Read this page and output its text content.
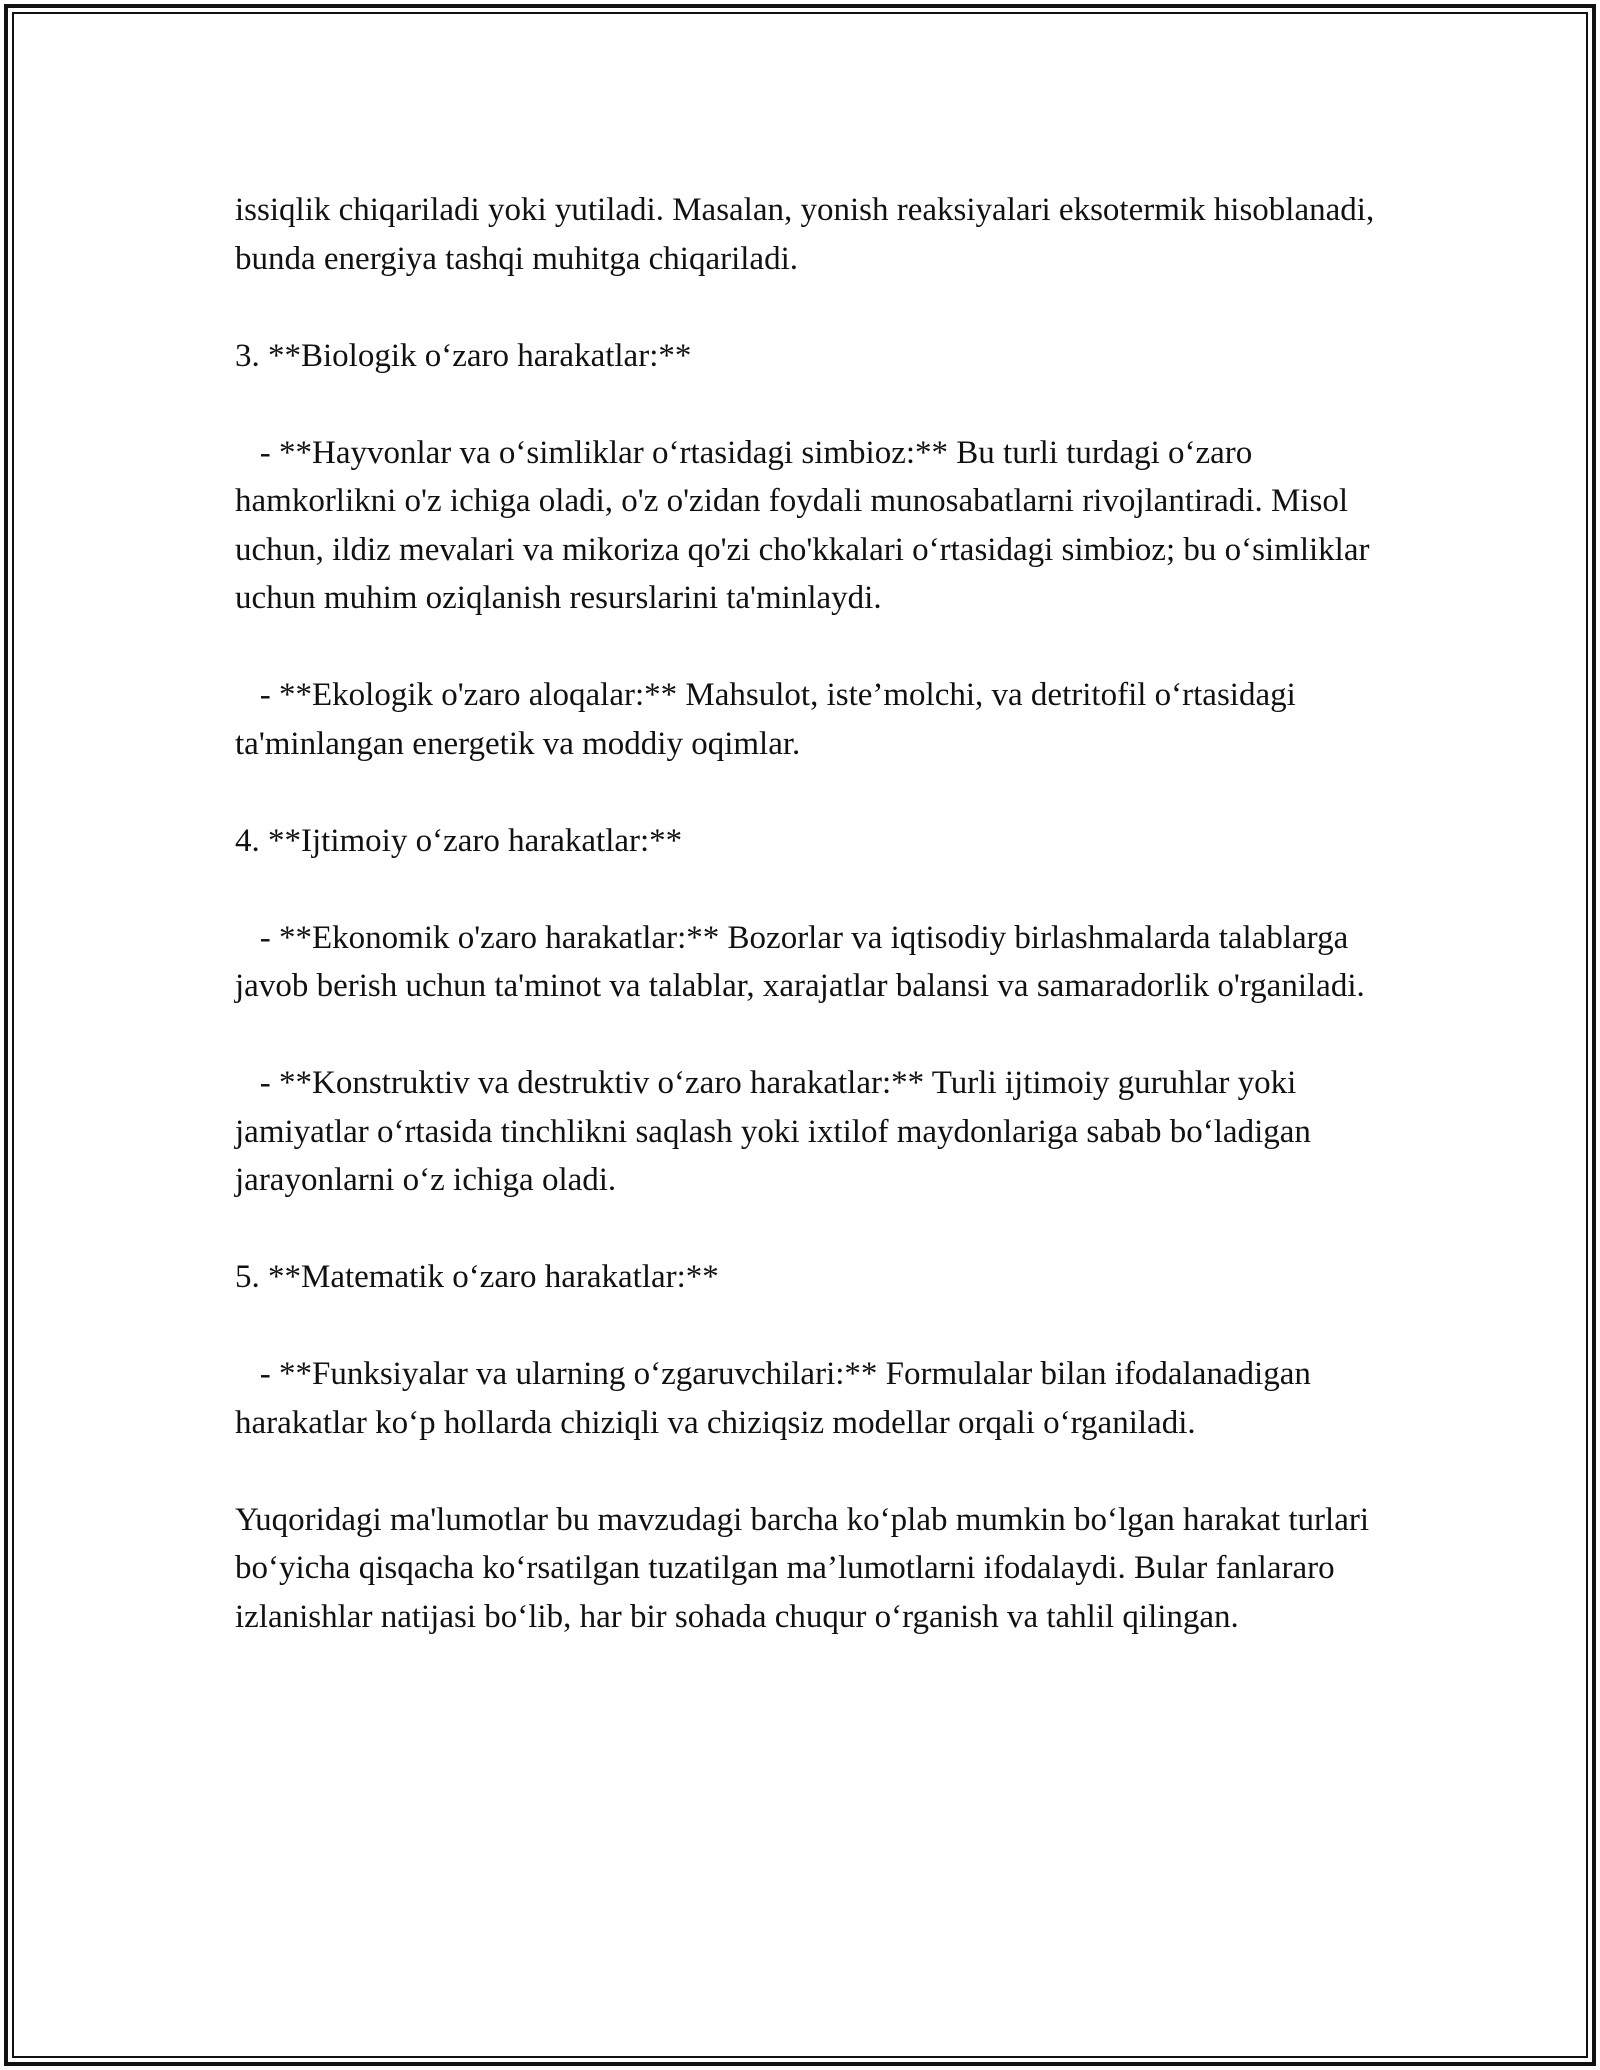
issiqlik chiqariladi yoki yutiladi. Masalan, yonish reaksiyalari eksotermik hisoblanadi, bunda energiya tashqi muhitga chiqariladi.

3. **Biologik oʻzaro harakatlar:**

- **Hayvonlar va oʻsimliklar oʻrtasidagi simbioz:** Bu turli turdagi oʻzaro hamkorlikni o'z ichiga oladi, o'z o'zidan foydali munosabatlarni rivojlantiradi. Misol uchun, ildiz mevalari va mikoriza qo'zi cho'kkalari oʻrtasidagi simbioz; bu oʻsimliklar uchun muhim oziqlanish resurslarini ta'minlaydi.

- **Ekologik o'zaro aloqalar:** Mahsulot, iste’molchi, va detritofil oʻrtasidagi ta'minlangan energetik va moddiy oqimlar.

4. **Ijtimoiy oʻzaro harakatlar:**

- **Ekonomik o'zaro harakatlar:** Bozorlar va iqtisodiy birlashmalarda talablarga javob berish uchun ta'minot va talablar, xarajatlar balansi va samaradorlik o'rganiladi.

- **Konstruktiv va destruktiv oʻzaro harakatlar:** Turli ijtimoiy guruhlar yoki jamiyatlar oʻrtasida tinchlikni saqlash yoki ixtilof maydonlariga sabab boʻladigan jarayonlarni oʻz ichiga oladi.

5. **Matematik oʻzaro harakatlar:**

- **Funksiyalar va ularning oʻzgaruvchilari:** Formulalar bilan ifodalanadigan harakatlar koʻp hollarda chiziqli va chiziqsiz modellar orqali oʻrganiladi.

Yuqoridagi ma'lumotlar bu mavzudagi barcha koʻplab mumkin boʻlgan harakat turlari boʻyicha qisqacha koʻrsatilgan tuzatilgan ma’lumotlarni ifodalaydi. Bular fanlararo izlanishlar natijasi boʻlib, har bir sohada chuqur oʻrganish va tahlil qilingan.
